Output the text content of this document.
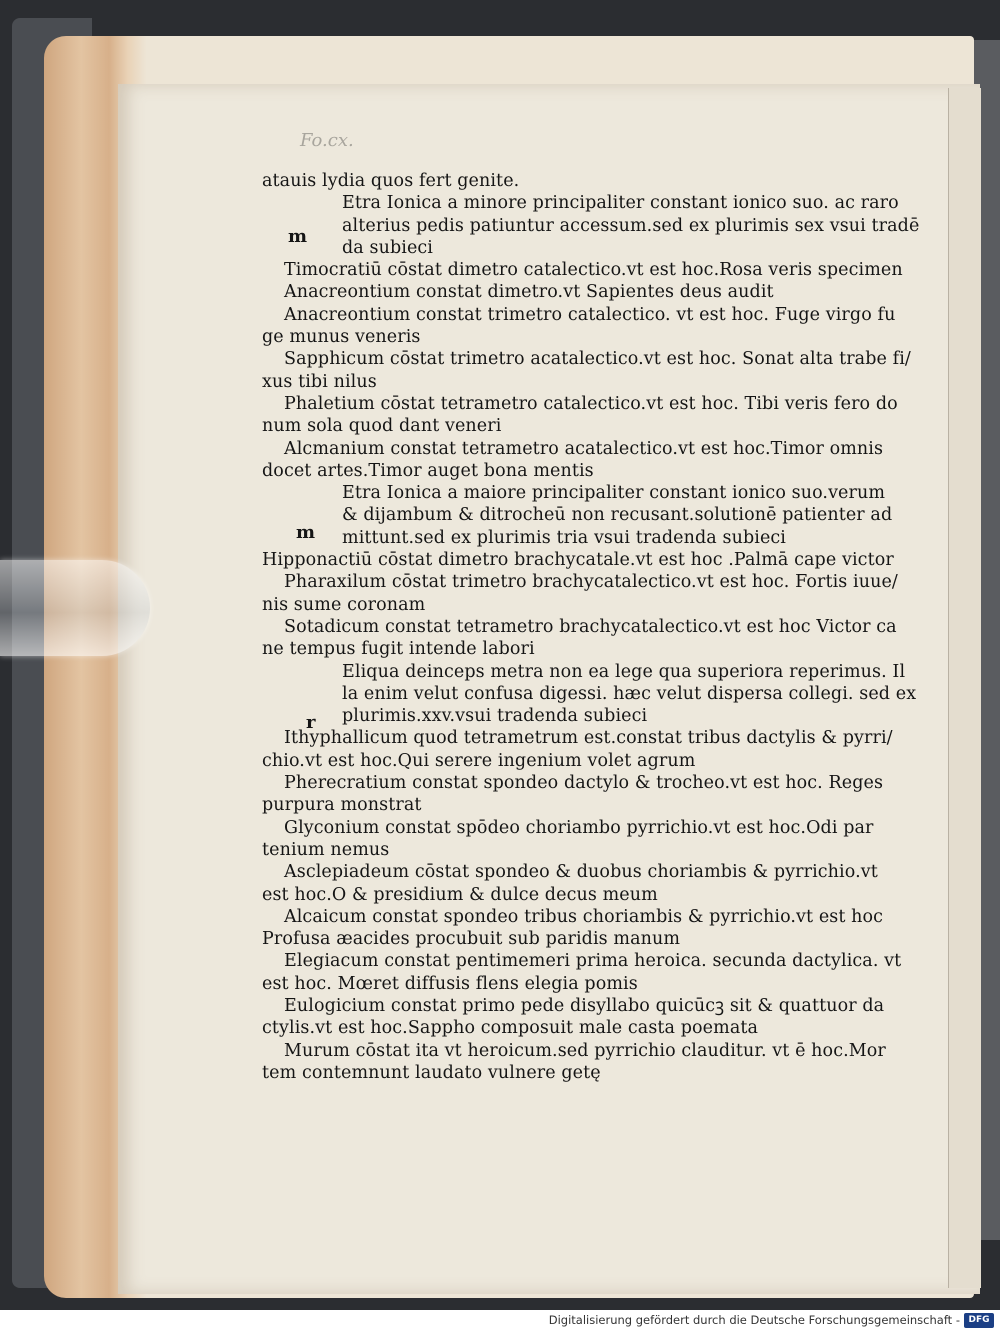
Fo.cx.
atauis lydia quos fert genite.
Etra Ionica a minore principaliter constant ionico suo. ac raro
alterius pedis patiuntur accessum.sed ex plurimis sex vsui tradē
da subieci
Timocratiū cōstat dimetro catalectico.vt est hoc.Rosa veris specimen
Anacreontium constat dimetro.vt Sapientes deus audit
Anacreontium constat trimetro catalectico. vt est hoc. Fuge virgo fu
ge munus veneris
Sapphicum cōstat trimetro acatalectico.vt est hoc. Sonat alta trabe fi/
xus tibi nilus
Phaletium cōstat tetrametro catalectico.vt est hoc. Tibi veris fero do
num sola quod dant veneri
Alcmanium constat tetrametro acatalectico.vt est hoc.Timor omnis
docet artes.Timor auget bona mentis
Etra Ionica a maiore principaliter constant ionico suo.verum
& dijambum & ditrocheū non recusant.solutionē patienter ad
mittunt.sed ex plurimis tria vsui tradenda subieci
Hipponactiū cōstat dimetro brachycatale.vt est hoc .Palmā cape victor
Pharaxilum cōstat trimetro brachycatalectico.vt est hoc. Fortis iuue/
nis sume coronam
Sotadicum constat tetrametro brachycatalectico.vt est hoc Victor ca
ne tempus fugit intende labori
Eliqua deinceps metra non ea lege qua superiora reperimus. Il
la enim velut confusa digessi. hæc velut dispersa collegi. sed ex
plurimis.xxv.vsui tradenda subieci
Ithyphallicum quod tetrametrum est.constat tribus dactylis & pyrri/
chio.vt est hoc.Qui serere ingenium volet agrum
Pherecratium constat spondeo dactylo & trocheo.vt est hoc. Reges
purpura monstrat
Glyconium constat spōdeo choriambo pyrrichio.vt est hoc.Odi par
tenium nemus
Asclepiadeum cōstat spondeo & duobus choriambis & pyrrichio.vt
est hoc.O & presidium & dulce decus meum
Alcaicum constat spondeo tribus choriambis & pyrrichio.vt est hoc
Profusa æacides procubuit sub paridis manum
Elegiacum constat pentimemeri prima heroica. secunda dactylica. vt
est hoc. Mœret diffusis flens elegia pomis
Eulogicium constat primo pede disyllabo quicūcꝫ sit & quattuor da
ctylis.vt est hoc.Sappho composuit male casta poemata
Murum cōstat ita vt heroicum.sed pyrrichio clauditur. vt ē hoc.Mor
tem contemnunt laudato vulnere getę
m
m
r
Digitalisierung gefördert durch die Deutsche Forschungsgemeinschaft - DFG
